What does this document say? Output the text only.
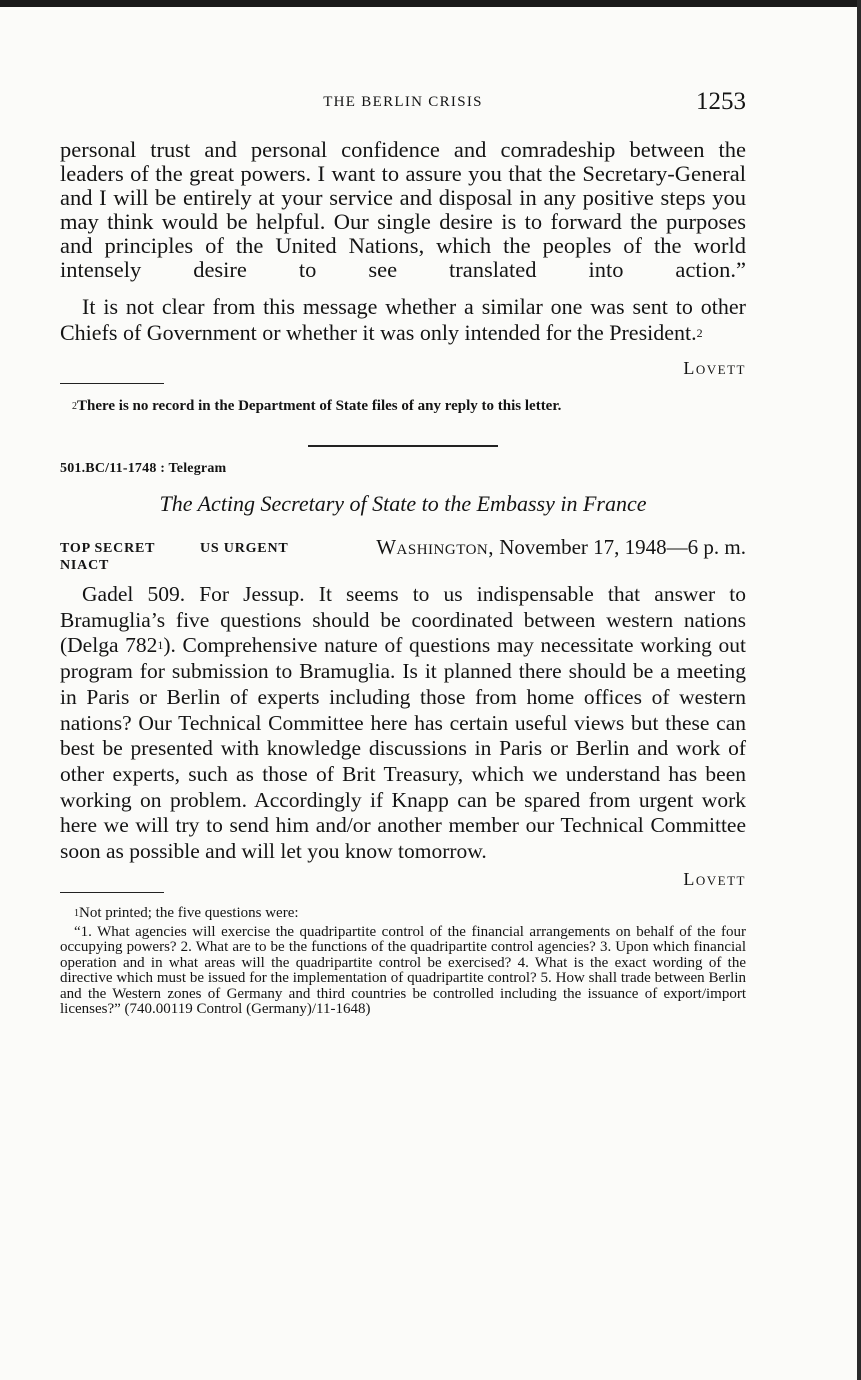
THE BERLIN CRISIS	1253

personal trust and personal confidence and comradeship between the leaders of the great powers. I want to assure you that the Secretary-General and I will be entirely at your service and disposal in any positive steps you may think would be helpful. Our single desire is to forward the purposes and principles of the United Nations, which the peoples of the world intensely desire to see translated into action.”

It is not clear from this message whether a similar one was sent to other Chiefs of Government or whether it was only intended for the President.$^2$

Lovett

$^2$There is no record in the Department of State files of any reply to this letter.

501.BC/11-1748 : Telegram
The Acting Secretary of State to the Embassy in France
TOP SECRET	US URGENT	Washington, November 17, 1948—6 p. m.
NIACT

Gadel 509. For Jessup. It seems to us indispensable that answer to Bramuglia’s five questions should be coordinated between western nations (Delga $782^1$). Comprehensive nature of questions may necessitate working out program for submission to Bramuglia. Is it planned there should be a meeting in Paris or Berlin of experts including those from home offices of western nations? Our Technical Committee here has certain useful views but these can best be presented with knowledge discussions in Paris or Berlin and work of other experts, such as those of Brit Treasury, which we understand has been working on problem. Accordingly if Knapp can be spared from urgent work here we will try to send him and/or another member our Technical Committee soon as possible and will let you know tomorrow.

Lovett

$^1$Not printed; the five questions were:

“1. What agencies will exercise the quadripartite control of the financial arrangements on behalf of the four occupying powers? 2. What are to be the functions of the quadripartite control agencies? 3. Upon which financial operation and in what areas will the quadripartite control be exercised? 4. What is the exact wording of the directive which must be issued for the implementation of quadripartite control? 5. How shall trade between Berlin and the Western zones of Germany and third countries be controlled including the issuance of export/import licenses?” (740.00119 Control (Germany)/11-1648)
